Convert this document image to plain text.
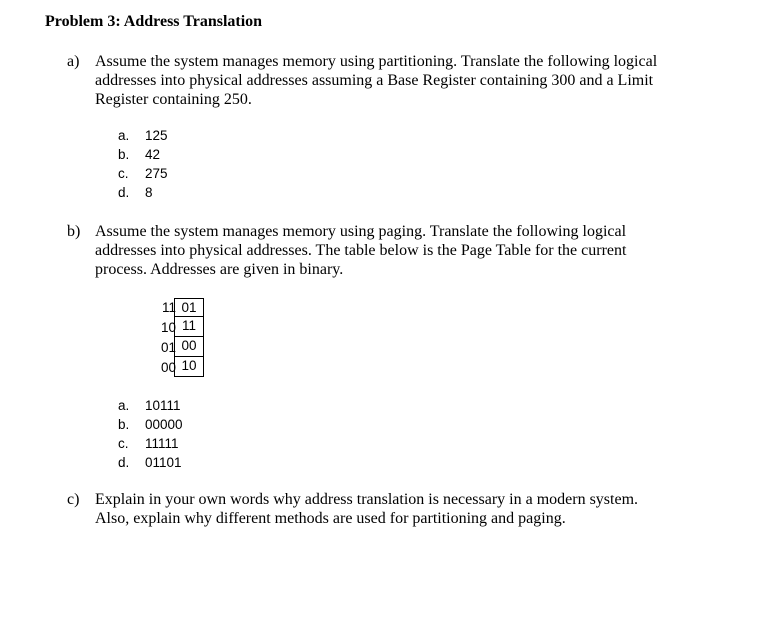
Problem 3: Address Translation
a) Assume the system manages memory using partitioning. Translate the following logical
addresses into physical addresses assuming a Base Register containing 300 and a Limit
Register containing 250.
a. 125
b. 42
c. 275
d. 8
b) Assume the system manages memory using paging. Translate the following logical
addresses into physical addresses. The table below is the Page Table for the current
process. Addresses are given in binary.
11 01
10 11
01 00
00 10
a. 10111
b. 00000
c. 11111
d. 01101
c) Explain in your own words why address translation is necessary in a modern system.
Also, explain why different methods are used for partitioning and paging.
